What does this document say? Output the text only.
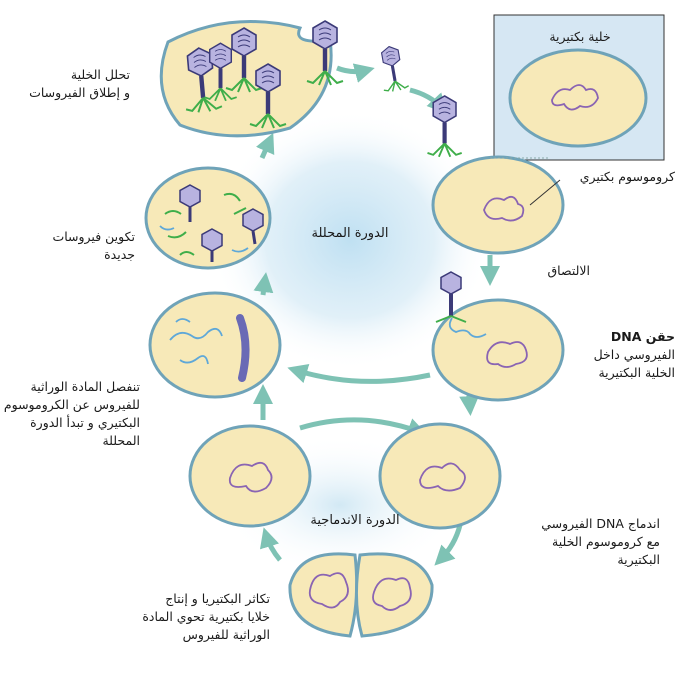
خلية بكتيرية
تحلل الخلية
و إطلاق الفيروسات
كروموسوم بكتيري
تكوين فيروسات
جديدة
الدورة المحللة
الالتصاق
حقن DNA
الفيروسي داخل
الخلية البكتيرية
تنفصل المادة الوراثية
للفيروس عن الكروموسوم
البكتيري و تبدأ الدورة
المحللة
الدورة الاندماجية	اندماج DNA الفيروسي
مع كروموسوم الخلية
البكتيرية
تكاثر البكتيريا و إنتاج
خلايا بكتيرية تحوي المادة
الوراثية للفيروس
